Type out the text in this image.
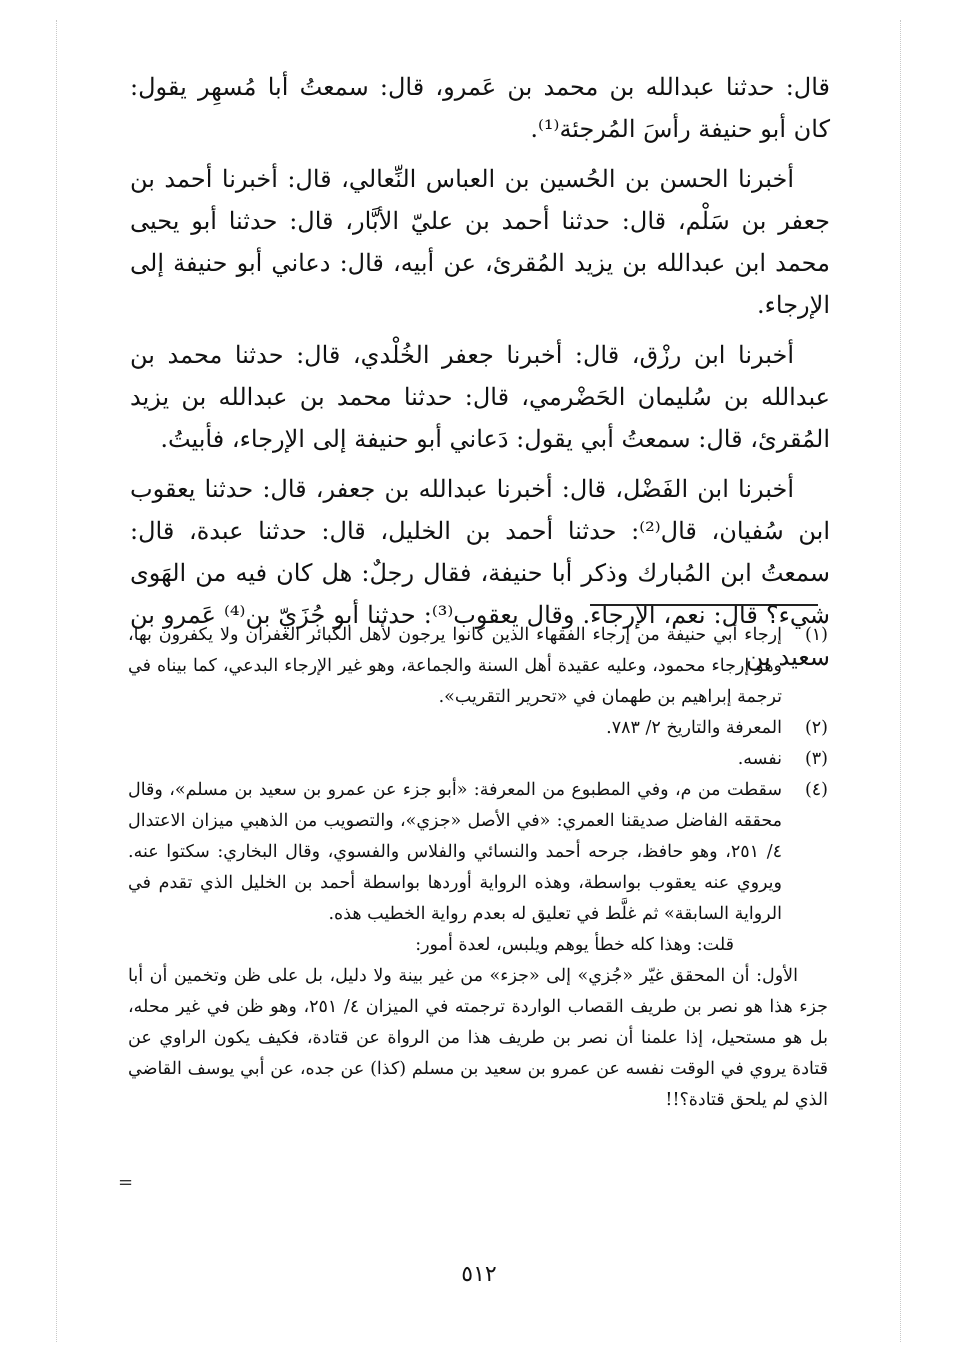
قال: حدثنا عبدالله بن محمد بن عَمرو، قال: سمعتُ أبا مُسهِر يقول: كان أبو حنيفة رأسَ المُرجئة⁽¹⁾.

أخبرنا الحسن بن الحُسين بن العباس النِّعالي، قال: أخبرنا أحمد بن جعفر بن سَلْم، قال: حدثنا أحمد بن عليّ الأبَّار، قال: حدثنا أبو يحيى محمد ابن عبدالله بن يزيد المُقرئ، عن أبيه، قال: دعاني أبو حنيفة إلى الإرجاء.

أخبرنا ابن رزْق، قال: أخبرنا جعفر الخُلْدي، قال: حدثنا محمد بن عبدالله بن سُليمان الحَضْرمي، قال: حدثنا محمد بن عبدالله بن يزيد المُقرئ، قال: سمعتُ أبي يقول: دَعاني أبو حنيفة إلى الإرجاء، فأبيتُ.

أخبرنا ابن الفَضْل، قال: أخبرنا عبدالله بن جعفر، قال: حدثنا يعقوب ابن سُفيان، قال⁽²⁾: حدثنا أحمد بن الخليل، قال: حدثنا عبدة، قال: سمعتُ ابن المُبارك وذكر أبا حنيفة، فقال رجلٌ: هل كان فيه من الهَوى شيء؟ قال: نعم، الإرجاء. وقال يعقوب⁽³⁾: حدثنا أبو جُزَيّ بن⁽⁴⁾ عَمرو بن سعيد بن

(١)
إرجاء أبي حنيفة من إرجاء الفقهاء الذين كانوا يرجون لأهل الكبائر الغفران ولا يكفرون بها، وهو إرجاء محمود، وعليه عقيدة أهل السنة والجماعة، وهو غير الإرجاء البدعي، كما بيناه في ترجمة إبراهيم بن طهمان في «تحرير التقريب».
(٢)
المعرفة والتاريخ ٢/ ٧٨٣.
(٣)
نفسه.
(٤)
سقطت من م، وفي المطبوع من المعرفة: «أبو جزء عن عمرو بن سعيد بن مسلم»، وقال محققه الفاضل صديقنا العمري: «في الأصل «جزي»، والتصويب من الذهبي ميزان الاعتدال ٤/ ٢٥١، وهو حافظ، جرحه أحمد والنسائي والفلاس والفسوي، وقال البخاري: سكتوا عنه. ويروي عنه يعقوب بواسطة، وهذه الرواية أوردها بواسطة أحمد بن الخليل الذي تقدم في الرواية السابقة» ثم غلَّط في تعليق له بعدم رواية الخطيب هذه.
قلت: وهذا كله خطأ يوهم ويلبس، لعدة أمور:
الأول: أن المحقق غيّر «جُزي» إلى «جزء» من غير بينة ولا دليل، بل على ظن وتخمين أن أبا جزء هذا هو نصر بن طريف القصاب الواردة ترجمته في الميزان ٤/ ٢٥١، وهو ظن في غير محله، بل هو مستحيل، إذا علمنا أن نصر بن طريف هذا من الرواة عن قتادة، فكيف يكون الراوي عن قتادة يروي في الوقت نفسه عن عمرو بن سعيد بن مسلم (كذا) عن جده، عن أبي يوسف القاضي الذي لم يلحق قتادة؟!!
=
٥١٢
